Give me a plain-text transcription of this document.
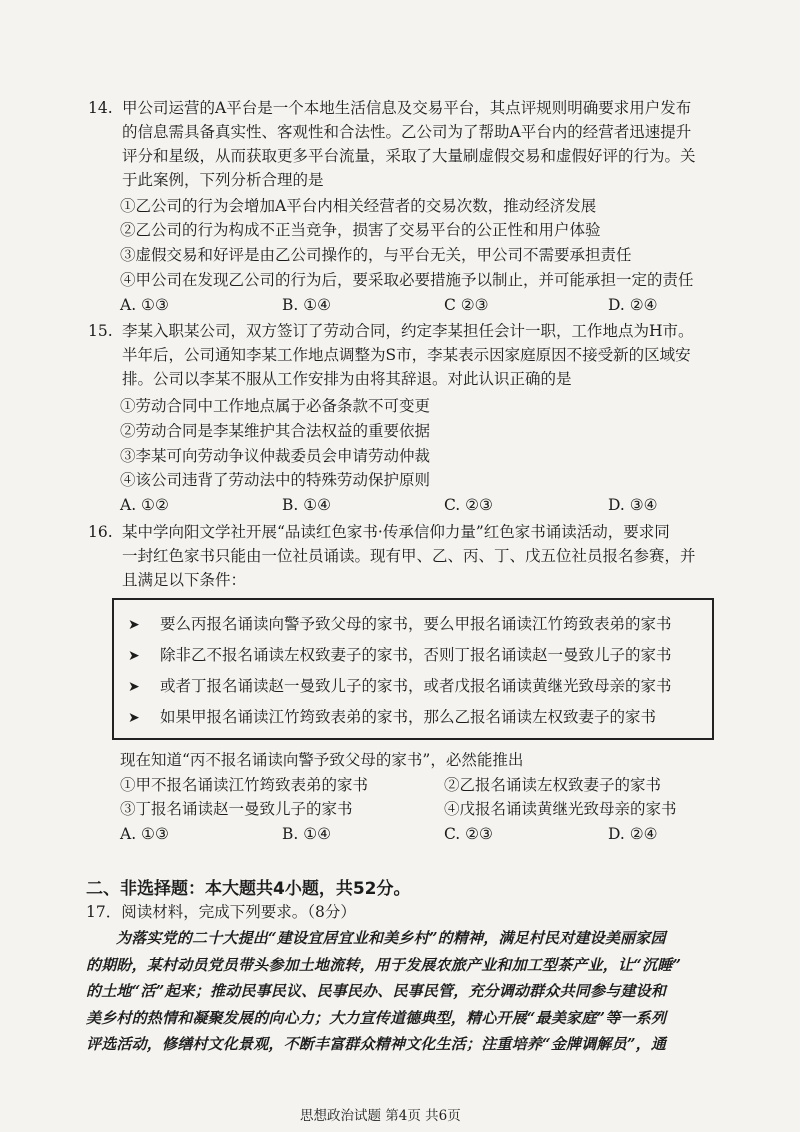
14. 甲公司运营的A平台是一个本地生活信息及交易平台，其点评规则明确要求用户发布
的信息需具备真实性、客观性和合法性。乙公司为了帮助A平台内的经营者迅速提升
评分和星级，从而获取更多平台流量，采取了大量刷虚假交易和虚假好评的行为。关
于此案例，下列分析合理的是
①乙公司的行为会增加A平台内相关经营者的交易次数，推动经济发展
②乙公司的行为构成不正当竞争，损害了交易平台的公正性和用户体验
③虚假交易和好评是由乙公司操作的，与平台无关，甲公司不需要承担责任
④甲公司在发现乙公司的行为后，要采取必要措施予以制止，并可能承担一定的责任
A. ①③	B. ①④	C ②③	D. ②④
15. 李某入职某公司，双方签订了劳动合同，约定李某担任会计一职，工作地点为H市。
半年后，公司通知李某工作地点调整为S市，李某表示因家庭原因不接受新的区域安
排。公司以李某不服从工作安排为由将其辞退。对此认识正确的是
①劳动合同中工作地点属于必备条款不可变更
②劳动合同是李某维护其合法权益的重要依据
③李某可向劳动争议仲裁委员会申请劳动仲裁
④该公司违背了劳动法中的特殊劳动保护原则
A. ①②	B. ①④	C. ②③	D. ③④
16. 某中学向阳文学社开展“品读红色家书·传承信仰力量”红色家书诵读活动，要求同
一封红色家书只能由一位社员诵读。现有甲、乙、丙、丁、戊五位社员报名参赛，并
且满足以下条件：
➤ 要么丙报名诵读向警予致父母的家书，要么甲报名诵读江竹筠致表弟的家书
➤ 除非乙不报名诵读左权致妻子的家书，否则丁报名诵读赵一曼致儿子的家书
➤ 或者丁报名诵读赵一曼致儿子的家书，或者戊报名诵读黄继光致母亲的家书
➤ 如果甲报名诵读江竹筠致表弟的家书，那么乙报名诵读左权致妻子的家书
现在知道“丙不报名诵读向警予致父母的家书”，必然能推出
①甲不报名诵读江竹筠致表弟的家书	②乙报名诵读左权致妻子的家书
③丁报名诵读赵一曼致儿子的家书	④戊报名诵读黄继光致母亲的家书
A. ①③	B. ①④	C. ②③	D. ②④
二、非选择题：本大题共4小题，共52分。
17．阅读材料，完成下列要求。（8分）
为落实党的二十大提出“建设宜居宜业和美乡村”的精神，满足村民对建设美丽家园
的期盼，某村动员党员带头参加土地流转，用于发展农旅产业和加工型茶产业，让“沉睡”
的土地“活”起来；推动民事民议、民事民办、民事民管，充分调动群众共同参与建设和
美乡村的热情和凝聚发展的向心力；大力宣传道德典型，精心开展“最美家庭”等一系列
评选活动，修缮村文化景观，不断丰富群众精神文化生活；注重培养“金牌调解员”，通
思想政治试题 第4页 共6页
